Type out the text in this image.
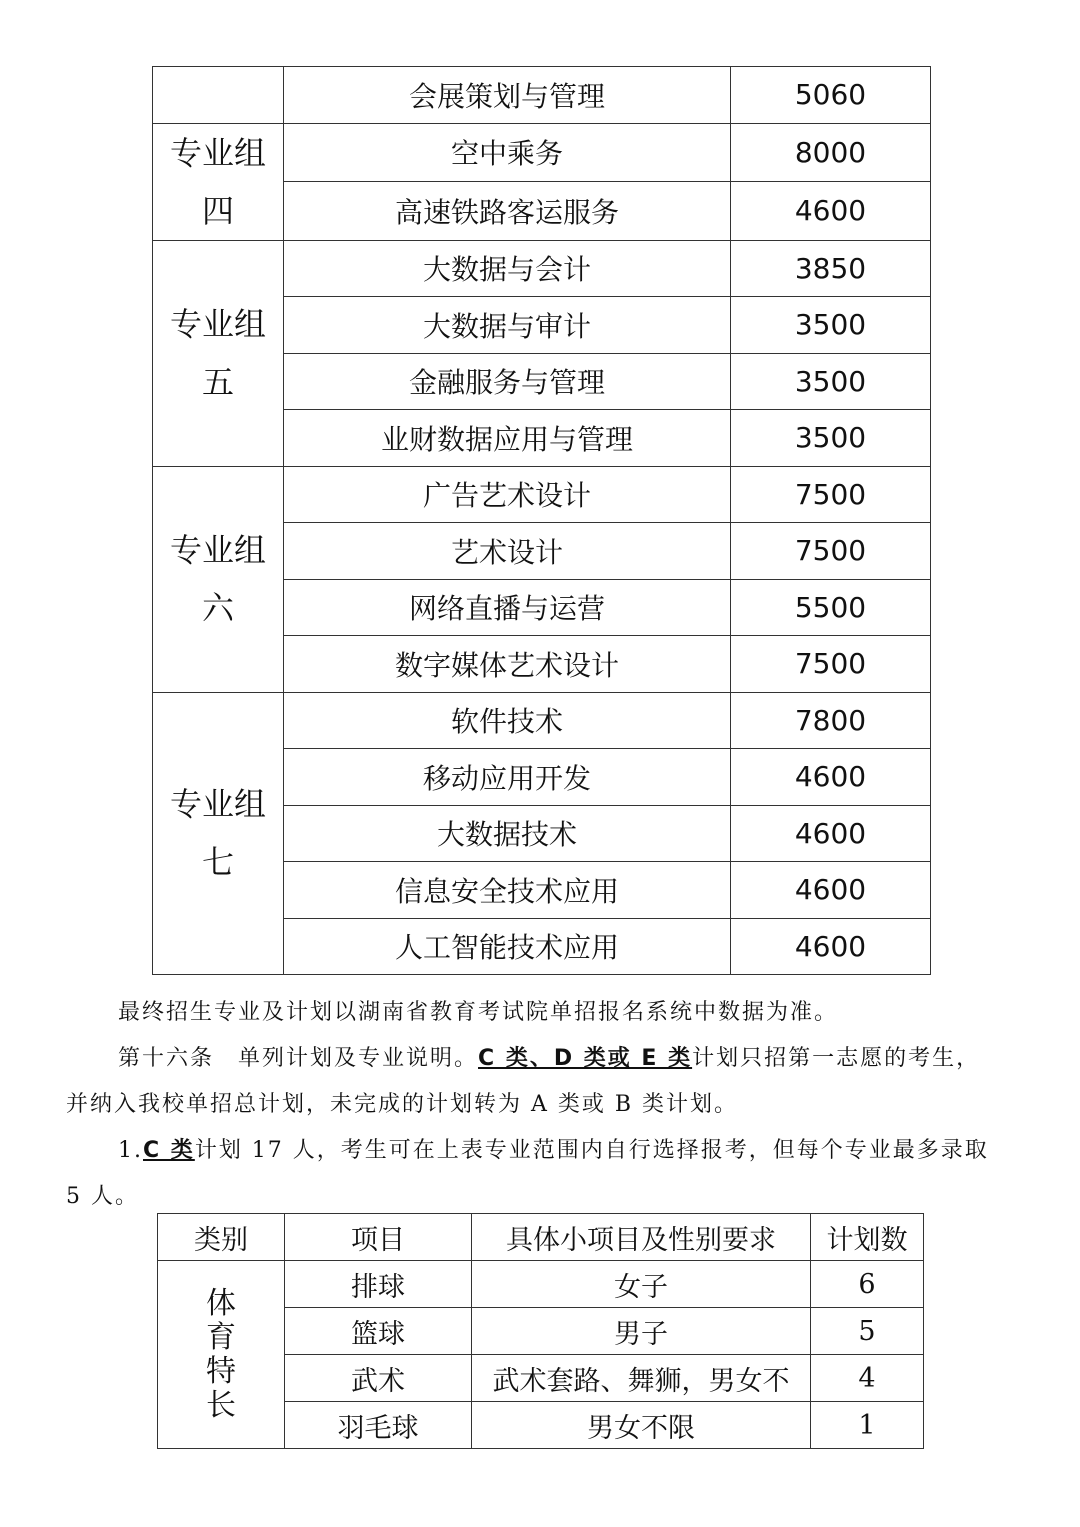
	会展策划与管理	5060

专业组
四	空中乘务	8000
	高速铁路客运服务	4600

专业组
五	大数据与会计	3850
	大数据与审计	3500
	金融服务与管理	3500
	业财数据应用与管理	3500

专业组
六	广告艺术设计	7500
	艺术设计	7500
	网络直播与运营	5500
	数字媒体艺术设计	7500

专业组
七	软件技术	7800
	移动应用开发	4600
	大数据技术	4600
	信息安全技术应用	4600
	人工智能技术应用	4600

最终招生专业及计划以湖南省教育考试院单招报名系统中数据为准。

第十六条　单列计划及专业说明。C 类、D 类或 E 类计划只招第一志愿的考生，

并纳入我校单招总计划，未完成的计划转为 A 类或 B 类计划。

1.C 类计划 17 人，考生可在上表专业范围内自行选择报考，但每个专业最多录取

5 人。

类别	项目	具体小项目及性别要求	计划数

体
育
特
长	排球	女子	6
	篮球	男子	5
	武术	武术套路、舞狮，男女不	4
	羽毛球	男女不限	1
